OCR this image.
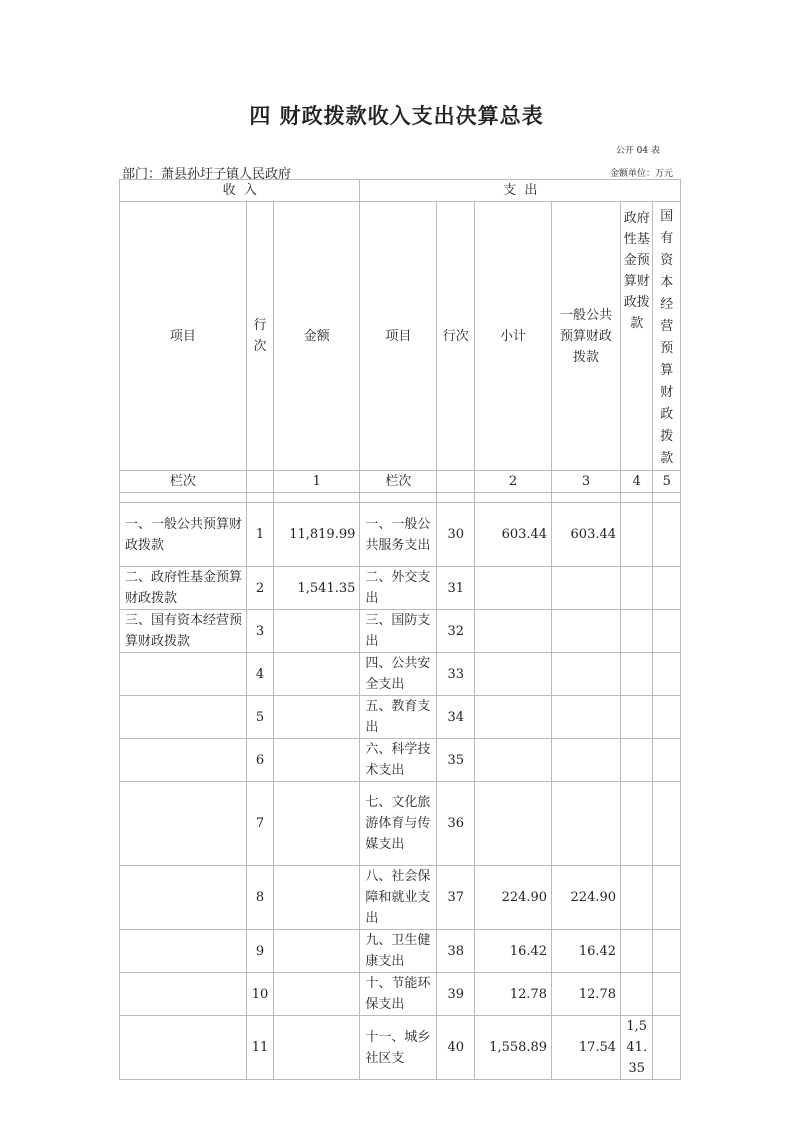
四 财政拨款收入支出决算总表
公开 04 表
部门：萧县孙圩子镇人民政府	金额单位：万元
收  入			支  出					
项目	行次	金额	项目	行次	小计	一般公共预算财政拨款	政府性基金预算财政拨款	国有资本经营预算财政拨款
栏次		1	栏次		2	3	4	5

一、一般公共预算财政拨款	1	11,819.99	一、一般公共服务支出	30	603.44	603.44		
二、政府性基金预算财政拨款	2	1,541.35	二、外交支出	31				
三、国有资本经营预算财政拨款	3		三、国防支出	32				
	4		四、公共安全支出	33				
	5		五、教育支出	34				
	6		六、科学技术支出	35				
	7		七、文化旅游体育与传媒支出	36				
	8		八、社会保障和就业支出	37	224.90	224.90		
	9		九、卫生健康支出	38	16.42	16.42		
	10		十、节能环保支出	39	12.78	12.78		
	11		十一、城乡社区支	40	1,558.89	17.54	1,541.35	
